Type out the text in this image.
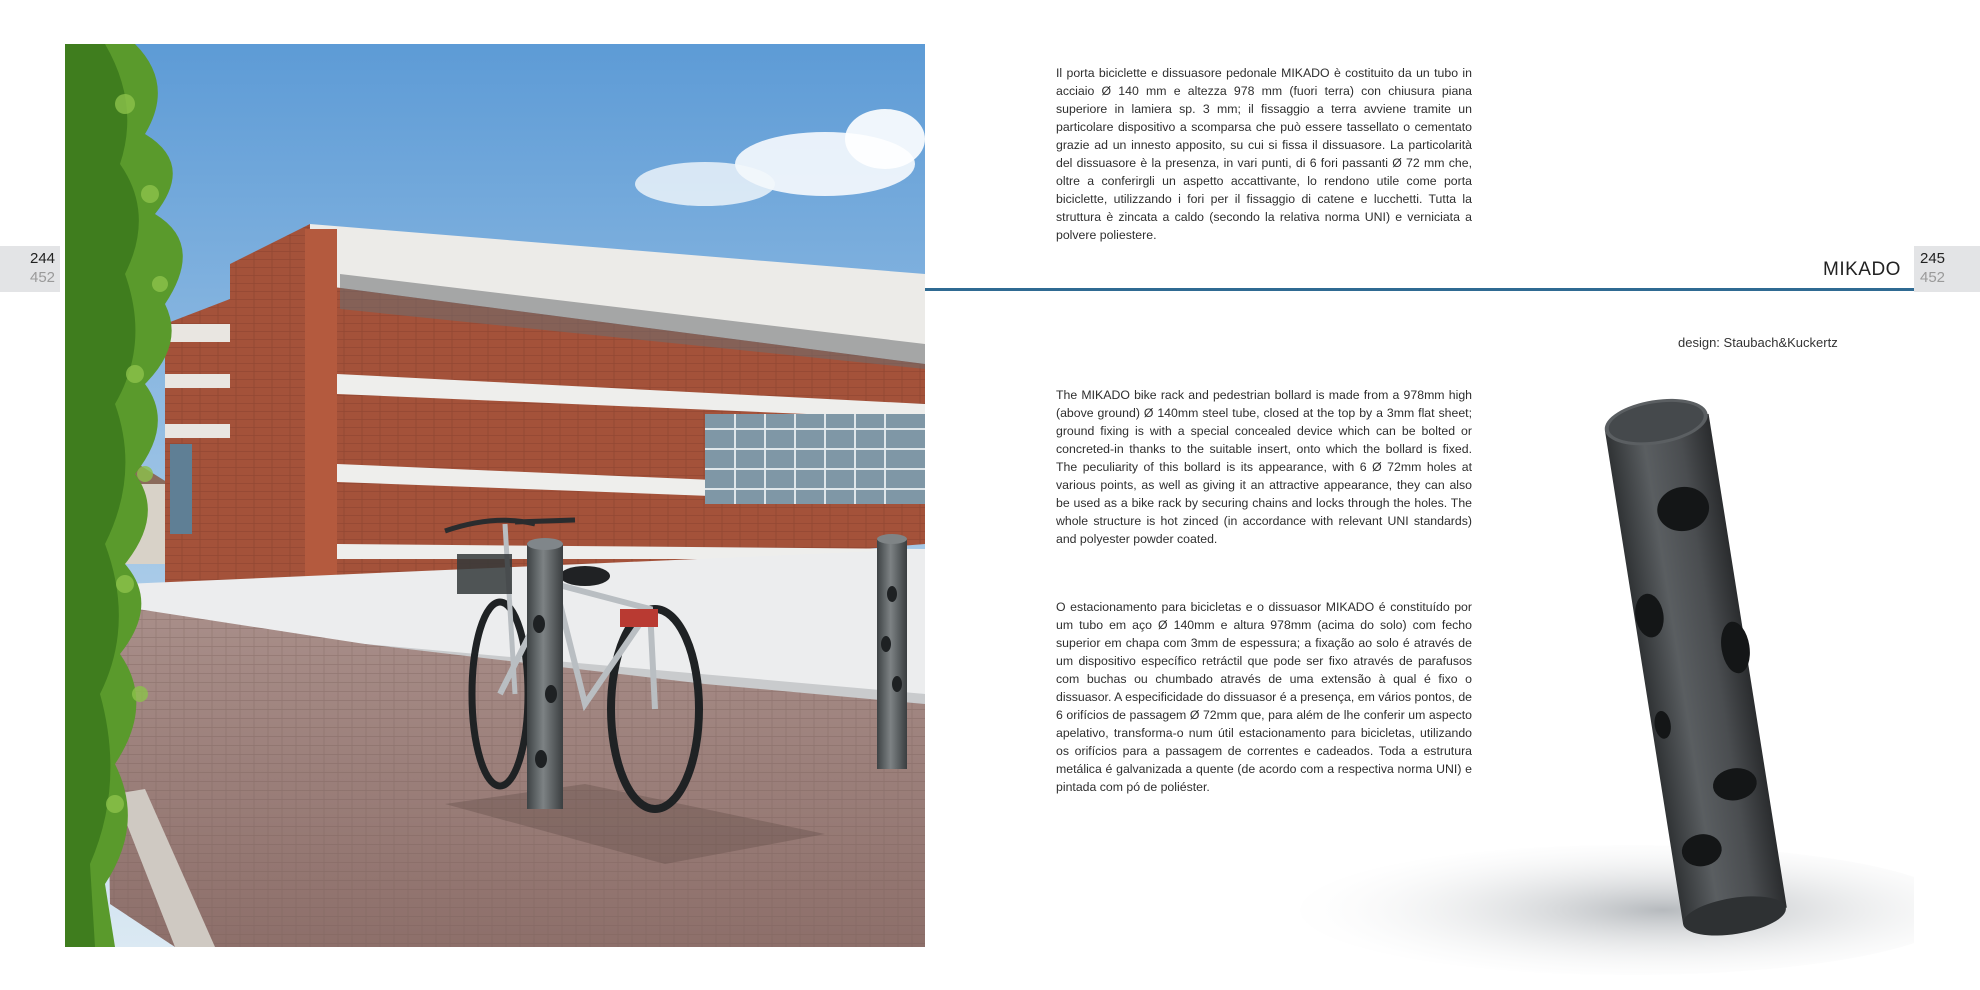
244
452
245
452
MIKADO
design: Staubach&Kuckertz

Il porta biciclette e dissuasore pedonale MIKADO è costituito da un tubo in acciaio Ø 140 mm e altezza 978 mm (fuori terra) con chiusura piana superiore in lamiera sp. 3 mm; il fissaggio a terra avviene tramite un particolare dispositivo a scomparsa che può essere tassellato o cementato grazie ad un innesto apposito, su cui si fissa il dissuasore. La particolarità del dissuasore è la presenza, in vari punti, di 6 fori passanti Ø 72 mm che, oltre a conferirgli un aspetto accattivante, lo rendono utile come porta biciclette, utilizzando i fori per il fissaggio di catene e lucchetti. Tutta la struttura è zincata a caldo (secondo la relativa norma UNI) e verniciata a polvere poliestere.

The MIKADO bike rack and pedestrian bollard is made from a 978mm high (above ground) Ø 140mm steel tube, closed at the top by a 3mm flat sheet; ground fixing is with a special concealed device which can be bolted or concreted-in thanks to the suitable insert, onto which the bollard is fixed. The peculiarity of this bollard is its appearance, with 6 Ø 72mm holes at various points, as well as giving it an attractive appearance, they can also be used as a bike rack by securing chains and locks through the holes. The whole structure is hot zinced (in accordance with relevant UNI standards) and polyester powder coated.

O estacionamento para bicicletas e o dissuasor MIKADO é constituído por um tubo em aço Ø 140mm e altura 978mm (acima do solo) com fecho superior em chapa com 3mm de espessura; a fixação ao solo é através de um dispositivo específico retráctil que pode ser fixo através de parafusos com buchas ou chumbado através de uma extensão à qual é fixo o dissuasor. A especificidade do dissuasor é a presença, em vários pontos, de 6 orifícios de passagem Ø 72mm que, para além de lhe conferir um aspecto apelativo, transforma-o num útil estacionamento para bicicletas, utilizando os orifícios para a passagem de correntes e cadeados. Toda a estrutura metálica é galvanizada a quente (de acordo com a respectiva norma UNI) e pintada com pó de poliéster.
